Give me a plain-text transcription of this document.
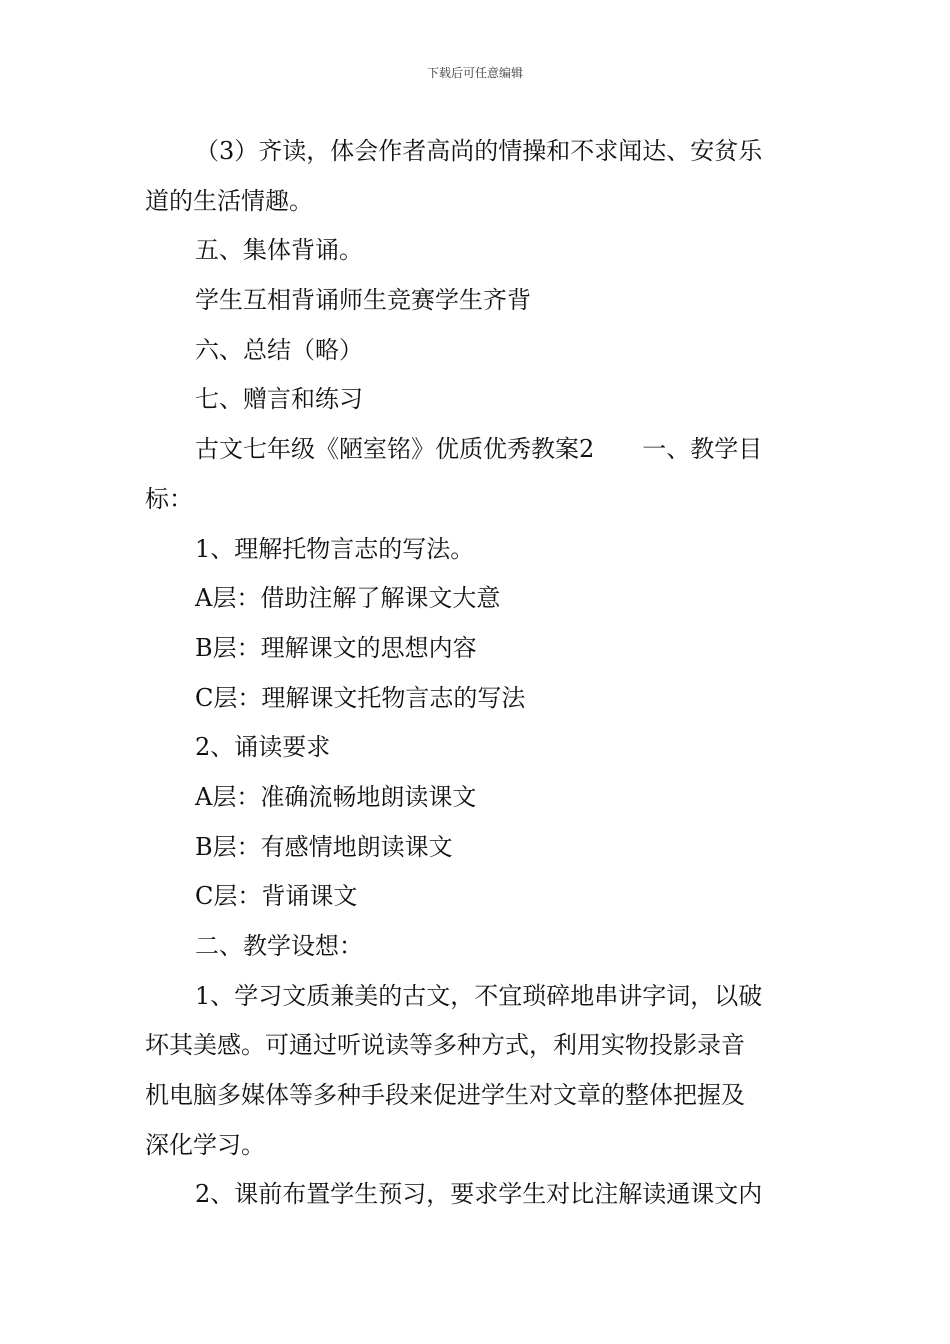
下载后可任意编辑
（3）齐读，体会作者高尚的情操和不求闻达、安贫乐
道的生活情趣。
五、集体背诵。
学生互相背诵师生竞赛学生齐背
六、总结（略）
七、赠言和练习
古文七年级《陋室铭》优质优秀教案2　　一、教学目
标：
1、理解托物言志的写法。
A层：借助注解了解课文大意
B层：理解课文的思想内容
C层：理解课文托物言志的写法
2、诵读要求
A层：准确流畅地朗读课文
B层：有感情地朗读课文
C层：背诵课文
二、教学设想：
1、学习文质兼美的古文，不宜琐碎地串讲字词，以破
坏其美感。可通过听说读等多种方式，利用实物投影录音
机电脑多媒体等多种手段来促进学生对文章的整体把握及
深化学习。
2、课前布置学生预习，要求学生对比注解读通课文内
